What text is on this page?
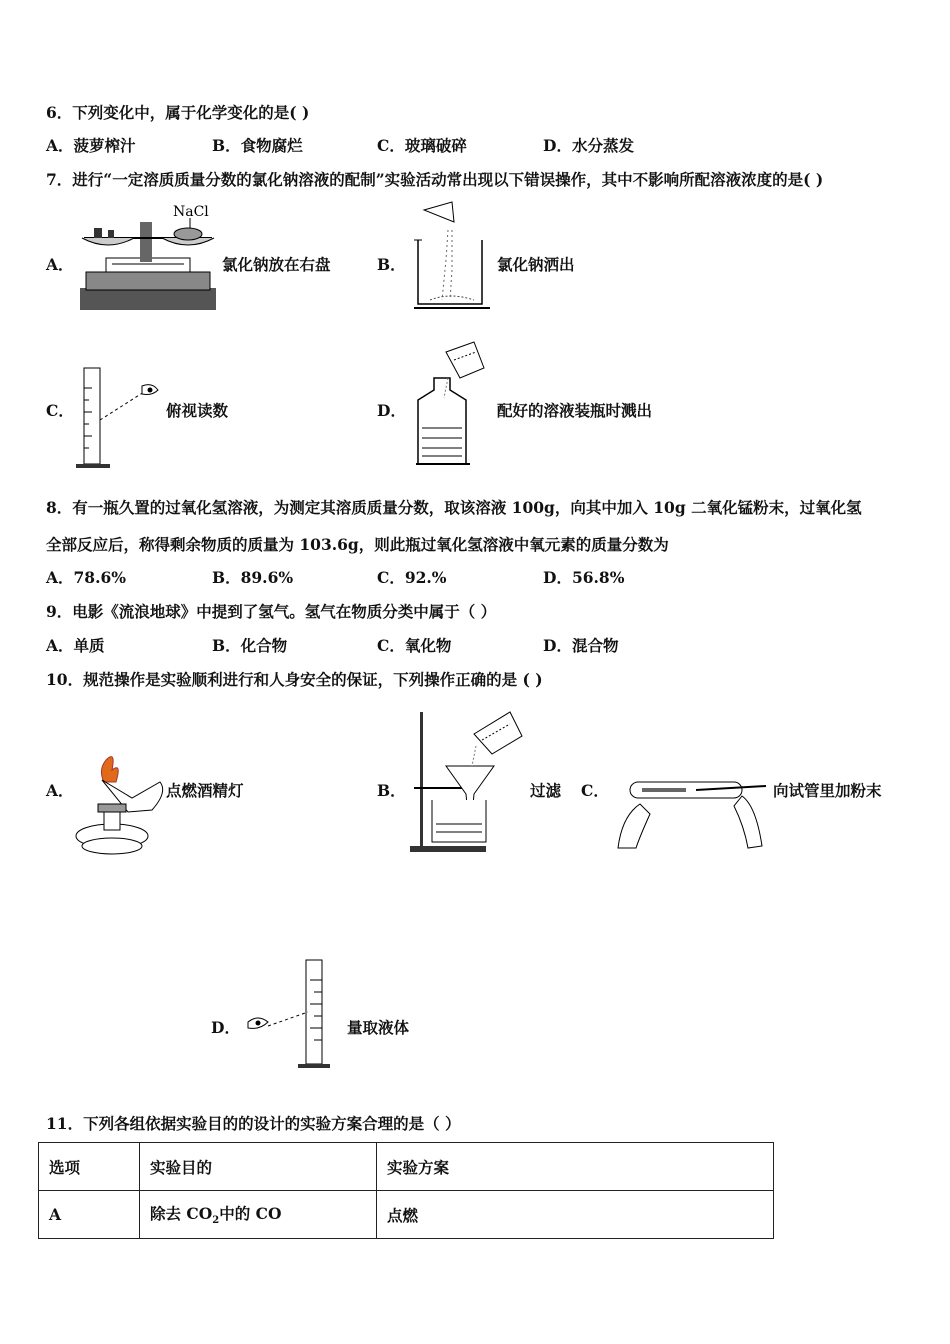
6．下列变化中，属于化学变化的是( )
A．菠萝榨汁	B．食物腐烂	C．玻璃破碎	D．水分蒸发
7．进行“一定溶质质量分数的氯化钠溶液的配制”实验活动常出现以下错误操作，其中不影响所配溶液浓度的是( )
A．
NaCl
氯化钠放在右盘	B．	氯化钠洒出
C．	俯视读数	D．	配好的溶液装瓶时溅出
8．有一瓶久置的过氧化氢溶液，为测定其溶质质量分数，取该溶液 100g，向其中加入 10g 二氧化锰粉末，过氧化氢
全部反应后，称得剩余物质的质量为 103.6g，则此瓶过氧化氢溶液中氧元素的质量分数为
A．78.6%	B．89.6%	C．92.%	D．56.8%
9．电影《流浪地球》中提到了氢气。氢气在物质分类中属于（ ）
A．单质	B．化合物	C．氧化物	D．混合物
10．规范操作是实验顺利进行和人身安全的保证，下列操作正确的是 ( )
A．	点燃酒精灯	B．	过滤 C．	向试管里加粉末
D．	量取液体
11．下列各组依据实验目的的设计的实验方案合理的是（ ）
选项	实验目的	实验方案
A	除去 $CO_2$中的 CO	点燃
